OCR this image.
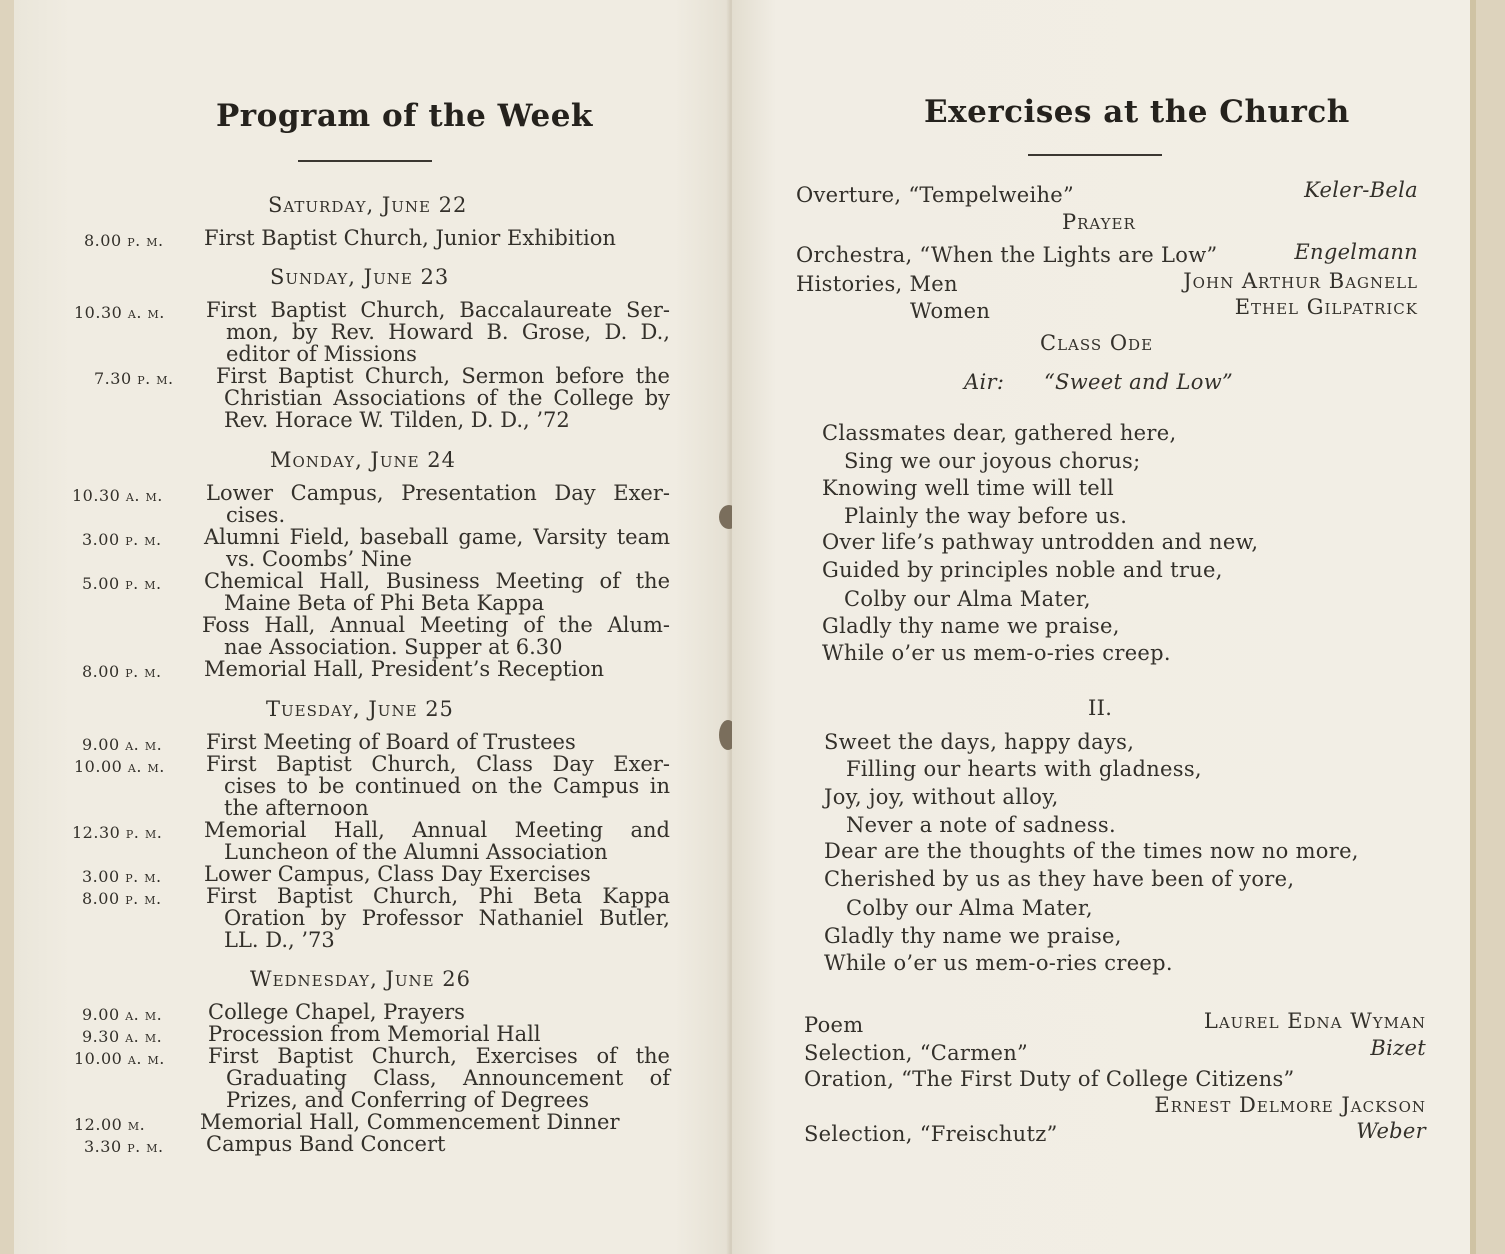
Program of the Week
Saturday, June 22
8.00 p. m. First Baptist Church, Junior Exhibition
Sunday, June 23
10.30 a. m. First Baptist Church, Baccalaureate Ser-
mon, by Rev. Howard B. Grose, D. D.,
editor of Missions
7.30 p. m. First Baptist Church, Sermon before the
Christian Associations of the College by
Rev. Horace W. Tilden, D. D., ’72
Monday, June 24
10.30 a. m. Lower Campus, Presentation Day Exer-
cises.
3.00 p. m. Alumni Field, baseball game, Varsity team
vs. Coombs’ Nine
5.00 p. m. Chemical Hall, Business Meeting of the
Maine Beta of Phi Beta Kappa
Foss Hall, Annual Meeting of the Alum-
nae Association. Supper at 6.30
8.00 p. m. Memorial Hall, President’s Reception
Tuesday, June 25
9.00 a. m. First Meeting of Board of Trustees
10.00 a. m. First Baptist Church, Class Day Exer-
cises to be continued on the Campus in
the afternoon
12.30 p. m. Memorial Hall, Annual Meeting and
Luncheon of the Alumni Association
3.00 p. m. Lower Campus, Class Day Exercises
8.00 p. m. First Baptist Church, Phi Beta Kappa
Oration by Professor Nathaniel Butler,
LL. D., ’73
Wednesday, June 26
9.00 a. m. College Chapel, Prayers
9.30 a. m. Procession from Memorial Hall
10.00 a. m. First Baptist Church, Exercises of the
Graduating Class, Announcement of
Prizes, and Conferring of Degrees
12.00 m.	Memorial Hall, Commencement Dinner
3.30 p. m. Campus Band Concert
Exercises at the Church
Overture, “Tempelweihe”	Keler-Bela
Prayer
Orchestra, “When the Lights are Low”	Engelmann
Histories, Men	John Arthur Bagnell
Women	Ethel Gilpatrick
Class Ode
Air: “Sweet and Low”
Classmates dear, gathered here,
Sing we our joyous chorus;
Knowing well time will tell
Plainly the way before us.
Over life’s pathway untrodden and new,
Guided by principles noble and true,
Colby our Alma Mater,
Gladly thy name we praise,
While o’er us mem-o-ries creep.
II.
Sweet the days, happy days,
Filling our hearts with gladness,
Joy, joy, without alloy,
Never a note of sadness.
Dear are the thoughts of the times now no more,
Cherished by us as they have been of yore,
Colby our Alma Mater,
Gladly thy name we praise,
While o’er us mem-o-ries creep.
Poem	Laurel Edna Wyman
Selection, “Carmen”	Bizet
Oration, “The First Duty of College Citizens”
Ernest Delmore Jackson
Selection, “Freischutz”	Weber
